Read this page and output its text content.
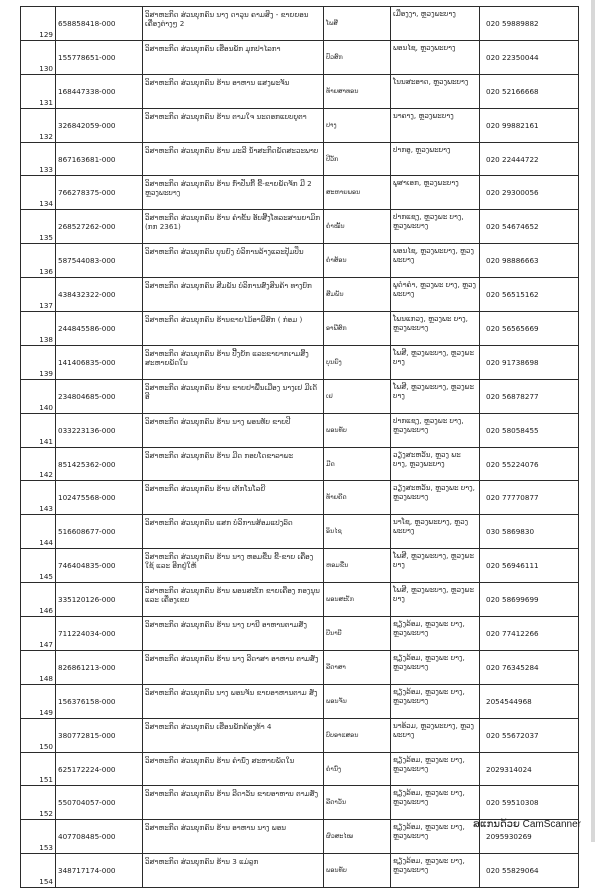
129	658858418-000	ວິສາຫະກິດ ສ່ວນບຸກຄົນ ນາງ ດາວຸນ ຄາມສິງ - ຂາຍຍອນ ເຄື່ອງຕ່າງໆ 2	ໂພສີ	ເມືອງງາ, ຫຼວງພະບາງ	020 59889882
130	155778651-000	ວິສາຫະກິດ ສ່ວນບຸກຄົນ ເຮືອນພັກ ມຸກປາໄລກາ	ປົວສົກ	ພອນໄຊ, ຫຼວງພະບາງ	020 22350044
131	168447338-000	ວິສາຫະກິດ ສ່ວນບຸກຄົນ ຮ້ານ ອາຫານ ແສງພະຈັນ	ທ້າຍສາທອນ	ໂນນສະອາດ, ຫຼວງພະບາງ	020 52166668
132	326842059-000	ວິສາຫະກິດ ສ່ວນບຸກຄົນ ຮ້ານ ຕາມໃຈ ນະດອກແບບບູຕາ	ປາງ	ນາຄາງ, ຫຼວງພະບາງ	020 99882161
133	867163681-000	ວິສາຫະກິດ ສ່ວນບຸກຄົນ ຮ້ານ ມະລີ ນ້ຳສະກິດພັດສະວະພາບ	ປີວັກ	ປາກອູ, ຫຼວງພະບາງ	020 22444722
134	766278375-000	ວິສາຫະກິດ ສ່ວນບຸກຄົນ ຮ້ານ ກົ່າປັ່ນກີ້ ຂີ້-ຂາຍພັດຈັກ ມີ 2 ຫຼວງພະບາງ	ສະຫາຍພອນ	ພູສາເອກ, ຫຼວງພະບາງ	020 29300056
135	268527262-000	ວິສາຫະກິດ ສ່ວນບຸກຄົນ ຮ້ານ ຄຳຂັ້ນ ອັບສີ້ງໂທລະສານຍາມິກ (ກກ 2361)	ຄຳໝັ້ນ	ປາກແຊງ, ຫຼວງພະ ບາງ, ຫຼວງພະບາງ	020 54674652
136	587544083-000	ວິສາຫະກິດ ສ່ວນບຸກຄົນ ບຸນຍົງ ບໍລິການລ້າງແລະປຸ້ມປິ່ນ	ຄຳສ້ອນ	ພອນໄຊ, ຫຼວງພະບາງ, ຫຼວງພະບາງ	020 98886663
137	438432322-000	ວິສາຫະກິດ ສ່ວນບຸກຄົນ ສີມພັນ ບໍລິການສົ່ງສິນຄ້າ ທາງບົກ	ສີມພັນ	ພູດຳຄຳ, ຫຼວງພະ ບາງ, ຫຼວງພະບາງ	020 56515162
138	244845586-000	ວິສາຫະກິດ ສ່ວນບຸກຄົນ ຮ້ານຂາຍໄມ້ອາພີສົກ ( ກ່ອມ )	ອາພີສົກ	ໂພນແກວງ, ຫຼວງພະ ບາງ, ຫຼວງພະບາງ	020 56565669
139	141406835-000	ວິສາຫະກິດ ສ່ວນບຸກຄົນ ຮ້ານ ປີ້ງຍັກ ແລະຂາຍາກເາມສິ້ງ ສະຫາຍພັດໃນ	ບຸນຍົງ	ໂພສີ, ຫຼວງພະບາງ, ຫຼວງພະບາງ	020 91738698
140	234804685-000	ວິສາຫະກິດ ສ່ວນບຸກຄົນ ຮ້ານ ຂາຍຢາພື້ນເມືອງ ນາງເຢ ມີເດັອີ	ເຢ	ໂພສີ, ຫຼວງພະບາງ, ຫຼວງພະບາງ	020 56878277
141	033223136-000	ວິສາຫະກິດ ສ່ວນບຸກຄົນ ຮ້ານ ນາງ ພອນທັບ ຂາຍປີ	ພອນທັບ	ປາກແຊງ, ຫຼວງພະ ບາງ, ຫຼວງພະບາງ	020 58058455
142	851425362-000	ວິສາຫະກິດ ສ່ວນບຸກຄົນ ຮ້ານ ມີດ ກອບໂດຂາລາພະ	ມີດ	ວຽງສະຫວັນ, ຫຼວງ ພະ ບາງ, ຫຼວງພະບາງ	020 55224076
143	102475568-000	ວິສາຫະກິດ ສ່ວນບຸກຄົນ ຮ້ານ ເຕັກໂນໂລຍີ	ທ້າຍຄີດ	ວຽງສະຫວັນ, ຫຼວງພະ ບາງ, ຫຼວງພະບາງ	020 77770877
144	516608677-000	ວິສາຫະກິດ ສ່ວນບຸກຄົນ ແສກ ບໍລິການສ້ອມແປງລົດ	ອິນໄຊ	ນາໂຊ, ຫຼວງພະບາງ, ຫຼວງພະບາງ	030 5869830
145	746404835-000	ວິສາຫະກິດ ສ່ວນບຸກຄົນ ຮ້ານ ນາງ ຫອມຂື່ນ ຂີ້-ຂາຍ ເຄື່ອງໃຊ້ ແລະ ອີກຢູ່ໃຫ້	ຫອມຂື່ນ	ໂພສີ, ຫຼວງພະບາງ, ຫຼວງພະບາງ	020 56946111
146	335120126-000	ວິສາຫະກິດ ສ່ວນບຸກຄົນ ຮ້ານ ພອນສະເັກ ຂາຍເຄື່ອງ ກອງນຸນ ແລະ ເຄື່ອງເຂຍ	ພອນສະເັກ	ໂພສີ, ຫຼວງພະບາງ, ຫຼວງພະບາງ	020 58699699
147	711224034-000	ວິສາຫະກິດ ສ່ວນບຸກຄົນ ຮ້ານ ນາງ ບານີ ອາຫານຕາມສັ່ງ	ບີນາບີ	ຊຽງລ້ອມ, ຫຼວງພະ ບາງ, ຫຼວງພະບາງ	020 77412266
148	826861213-000	ວິສາຫະກິດ ສ່ວນບຸກຄົນ ຮ້ານ ນາງ ລີດາສາ ອາຫານ ຕາມສັ່ງ	ລີດາສາ	ຊຽງລ້ອມ, ຫຼວງພະ ບາງ, ຫຼວງພະບາງ	020 76345284
149	156376158-000	ວິສາຫະກິດ ສ່ວນບຸກຄົນ ນາງ ພອນຈັນ ຂາຍອາຫານຕາມ ສັ່ງ	ພອນຈັນ	ຊຽງລ້ອມ, ຫຼວງພະ ບາງ, ຫຼວງພະບາງ	2054544968
150	380772815-000	ວິສາຫະກິດ ສ່ວນບຸກຄົນ ເຮືອນພັກຄ້ອງທ້າ 4	ບົບອາແສອນ	ນາອ້ວມ, ຫຼວງພະບາງ, ຫຼວງພະບາງ	020 55672037
151	625172224-000	ວິສາຫະກິດ ສ່ວນບຸກຄົນ ຮ້ານ ຄຳນົ່ງ ສະຫາຍພັດໃນ	ຄຳນົ່ງ	ຊຽງລ້ອມ, ຫຼວງພະ ບາງ, ຫຼວງພະບາງ	2029314024
152	550704057-000	ວິສາຫະກິດ ສ່ວນບຸກຄົນ ຮ້ານ ລີດາວັນ ຂາຍອາຫານ ຕາມສັ່ງ	ລີດາວັນ	ຊຽງລ້ອມ, ຫຼວງພະ ບາງ, ຫຼວງພະບາງ	020 59510308
153	407708485-000	ວິສາຫະກິດ ສ່ວນບຸກຄົນ ຮ້ານ ອາຫານ ນາງ ພອນ	ຜົວສະໄໝ	ຊຽງລ້ອມ, ຫຼວງພະ ບາງ, ຫຼວງພະບາງ	2095930269
154	348717174-000	ວິສາຫະກິດ ສ່ວນບຸກຄົນ ຮ້ານ 3 ແມ່ລູກ	ພອນທັບ	ຊຽງລ້ອມ, ຫຼວງພະ ບາງ, ຫຼວງພະບາງ	020 55829064
ສແກນດ້ວຍ CamScanner
